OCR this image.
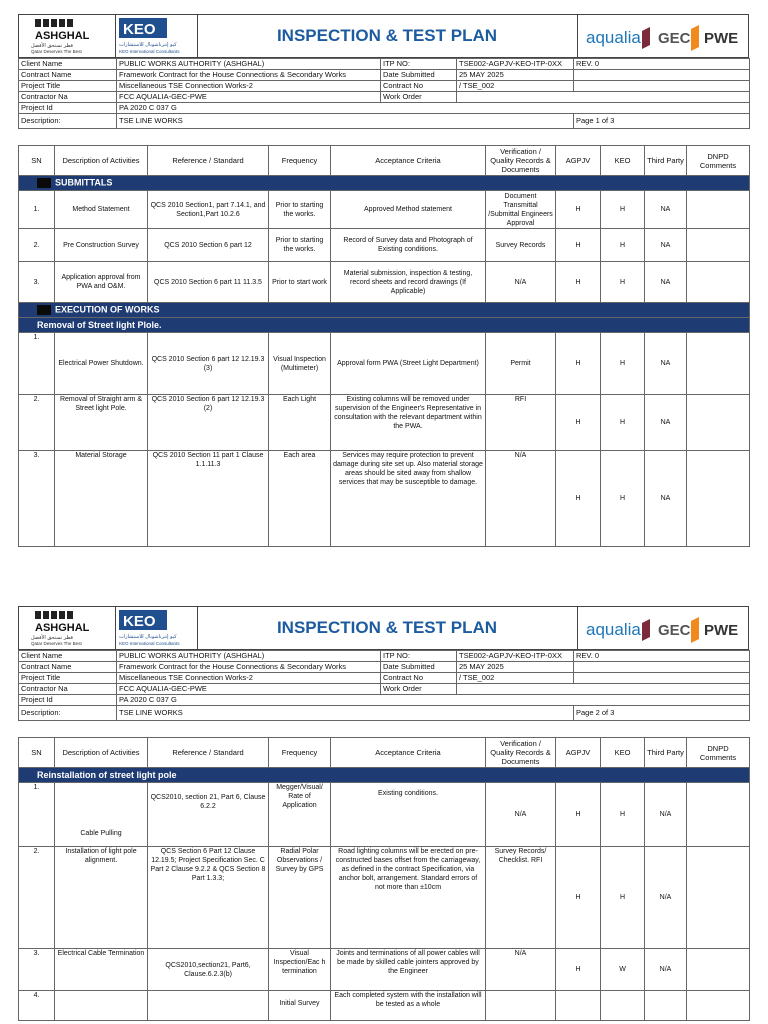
ASHGHAL
قطر تستحق الأفضل
Qatar Deserves The Best
KEO
كيو إنترناشونال للاستشارات
KEO International Consultants
INSPECTION & TEST PLAN	aqualia GEC PWE
Client Name	PUBLIC WORKS AUTHORITY (ASHGHAL)	ITP NO:	TSE002-AGPJV-KEO-ITP-0XX	REV. 0
Contract Name	Framework Contract for the House Connections & Secondary Works	Date Submitted	25 MAY 2025	
Project Title	Miscellaneous TSE Connection Works-2	Contract No	/ TSE_002	
Contractor Na	FCC AQUALIA-GEC-PWE	Work Order		
Project Id	PA 2020 C 037 G			
Description:	TSE LINE WORKS			Page 1 of 3
SN	Description of Activities	Reference / Standard	Frequency	Acceptance Criteria	Verification / Quality Records & Documents	AGPJV	KEO	Third Party	DNPD Comments
SUBMITTALS									
1.	Method Statement	QCS 2010 Section1, part 7.14.1, and Section1,Part 10.2.6	Prior to starting the works.	Approved Method statement	Document Transmittal /Submittal Engineers Approval	H	H	NA	
2.	Pre Construction Survey	QCS 2010 Section 6 part 12	Prior to starting the works.	Record of Survey data and Photograph of Existing conditions.	Survey Records	H	H	NA	
3.	Application approval from PWA and O&M.	QCS 2010 Section 6 part 11 11.3.5	Prior to start work	Material submission, inspection & testing, record sheets and record drawings (If Applicable)	N/A	H	H	NA	
EXECUTION OF WORKS									
Removal of Street light Plole.									
1.	Electrical Power Shutdown.	QCS 2010 Section 6 part 12 12.19.3 (3)	Visual Inspection (Multimeter)	Approval form PWA (Street Light Department)	Permit	H	H	NA	
2.	Removal of Straight arm & Street light Pole.	QCS 2010 Section 6 part 12 12.19.3 (2)	Each Light	Existing columns will be removed under supervision of the Engineer's Representative in consultation with the relevant department within the PWA.	RFI	H	H	NA	
3.	Material Storage	QCS 2010 Section 11 part 1 Clause 1.1.11.3	Each area	Services may require protection to prevent damage during site set up. Also material storage areas should be sited away from shallow services that may be susceptible to damage.	N/A	H	H	NA	
ASHGHAL
قطر تستحق الأفضل
Qatar Deserves The Best
KEO
كيو إنترناشونال للاستشارات
KEO International Consultants
INSPECTION & TEST PLAN	aqualia GEC PWE
Client Name	PUBLIC WORKS AUTHORITY (ASHGHAL)	ITP NO:	TSE002-AGPJV-KEO-ITP-0XX	REV. 0
Contract Name	Framework Contract for the House Connections & Secondary Works	Date Submitted	25 MAY 2025	
Project Title	Miscellaneous TSE Connection Works-2	Contract No	/ TSE_002	
Contractor Na	FCC AQUALIA-GEC-PWE	Work Order		
Project Id	PA 2020 C 037 G			
Description:	TSE LINE WORKS			Page 2 of 3
SN	Description of Activities	Reference / Standard	Frequency	Acceptance Criteria	Verification / Quality Records & Documents	AGPJV	KEO	Third Party	DNPD Comments
Reinstallation of street light pole									
1.	Cable Pulling	QCS2010, section 21, Part 6, Clause 6.2.2	Megger/Visual/ Rate of Application	Existing conditions.	N/A	H	H	N/A	
2.	Installation of light pole alignment.	QCS Section 6 Part 12 Clause 12.19.5; Project Specification Sec. C Part 2 Clause 9.2.2 & QCS Section 8 Part 1.3.3;	Radial Polar Observations / Survey by GPS	Road lighting columns will be erected on pre-constructed bases offset from the carriageway, as defined in the contract Specification, via anchor bolt, arrangement. Standard errors of not more than ±10cm	Survey Records/ Checklist. RFI	H	H	N/A	
3.	Electrical Cable Termination	QCS2010,section21, Part6, Clause.6.2.3(b)	Visual Inspection/Eac h termination	Joints and terminations of all power cables will be made by skilled cable jointers approved by the Engineer	N/A	H	W	N/A	
4.			Initial Survey	Each completed system with the installation will be tested as a whole					
